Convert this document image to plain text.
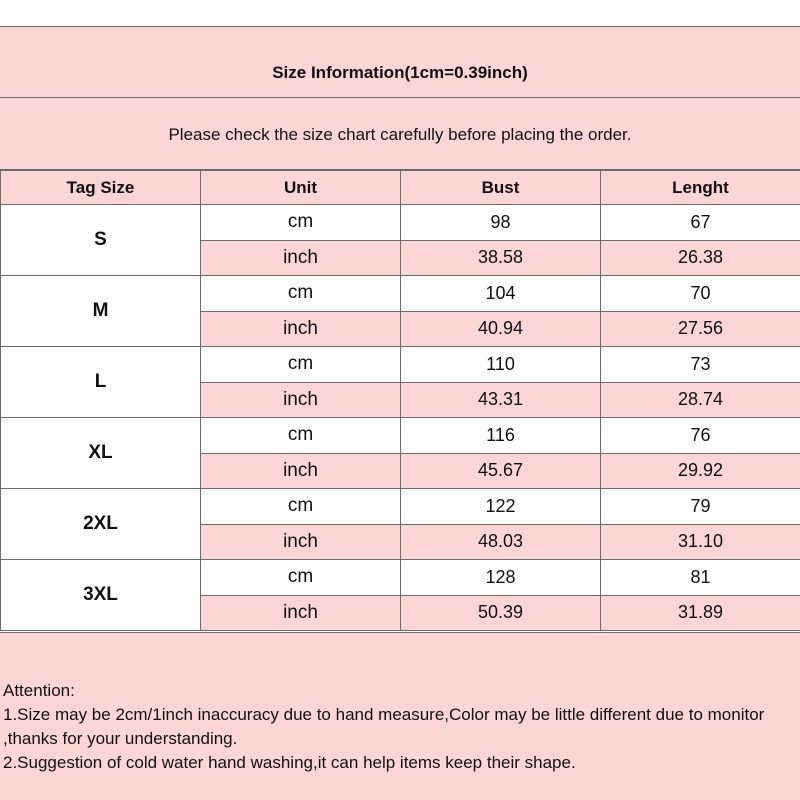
Size Information(1cm=0.39inch)
Please check the size chart carefully before placing the order.
Tag Size	Unit	Bust	Lenght
S	cm	98	67
	inch	38.58	26.38
M	cm	104	70
	inch	40.94	27.56
L	cm	110	73
	inch	43.31	28.74
XL	cm	116	76
	inch	45.67	29.92
2XL	cm	122	79
	inch	48.03	31.10
3XL	cm	128	81
	inch	50.39	31.89
Attention:
1.Size may be 2cm/1inch inaccuracy due to hand measure,Color may be little different due to monitor ,thanks for your understanding.
2.Suggestion of cold water hand washing,it can help items keep their shape.
